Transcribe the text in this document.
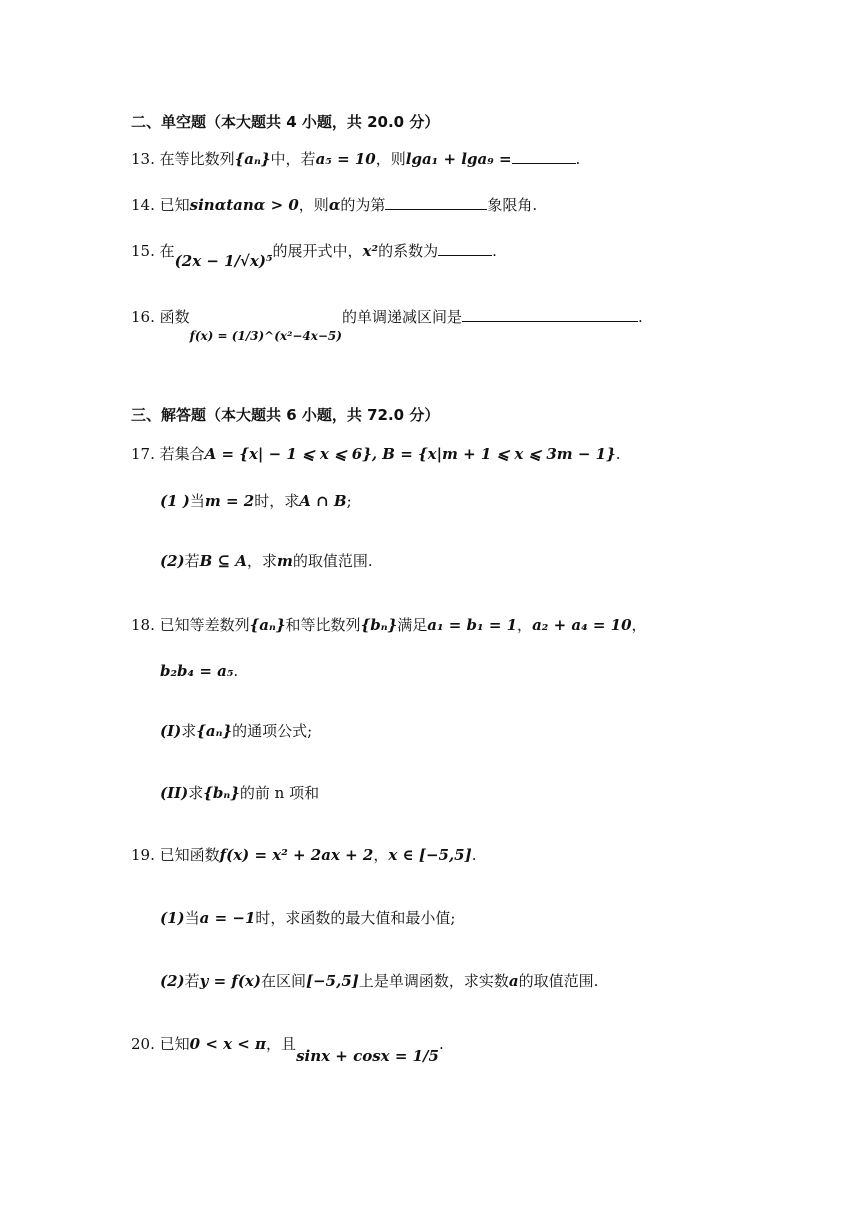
二、单空题（本大题共 4 小题，共 20.0 分）
13. 在等比数列{aₙ}中，若a₅ = 10，则lga₁ + lga₉ =	.
14. 已知sinαtanα > 0，则α的为第	象限角.
15. 在(2x − 1/√x)⁵的展开式中，x²的系数为	.
16. 函数$_{f(x) = (1/3)\^{}(x^2-4x-5)}$的单调递减区间是	.
三、解答题（本大题共 6 小题，共 72.0 分）
17. 若集合A = {x| − 1 ⩽ x ⩽ 6}, B = {x|m + 1 ⩽ x ⩽ 3m − 1}.
(1 )当m = 2时，求A ∩ B;
(2)若B ⊆ A，求m的取值范围.
18. 已知等差数列{aₙ}和等比数列{bₙ}满足a₁ = b₁ = 1，a₂ + a₄ = 10，
b₂b₄ = a₅.
(I)求{aₙ}的通项公式;
(II)求{bₙ}的前 n 项和
19. 已知函数f(x) = x² + 2ax + 2，x ∈ [−5,5].
(1)当a = −1时，求函数的最大值和最小值;
(2)若y = f(x)在区间[−5,5]上是单调函数，求实数a的取值范围.
20. 已知0 < x < π，且sinx + cosx = 1/5.
